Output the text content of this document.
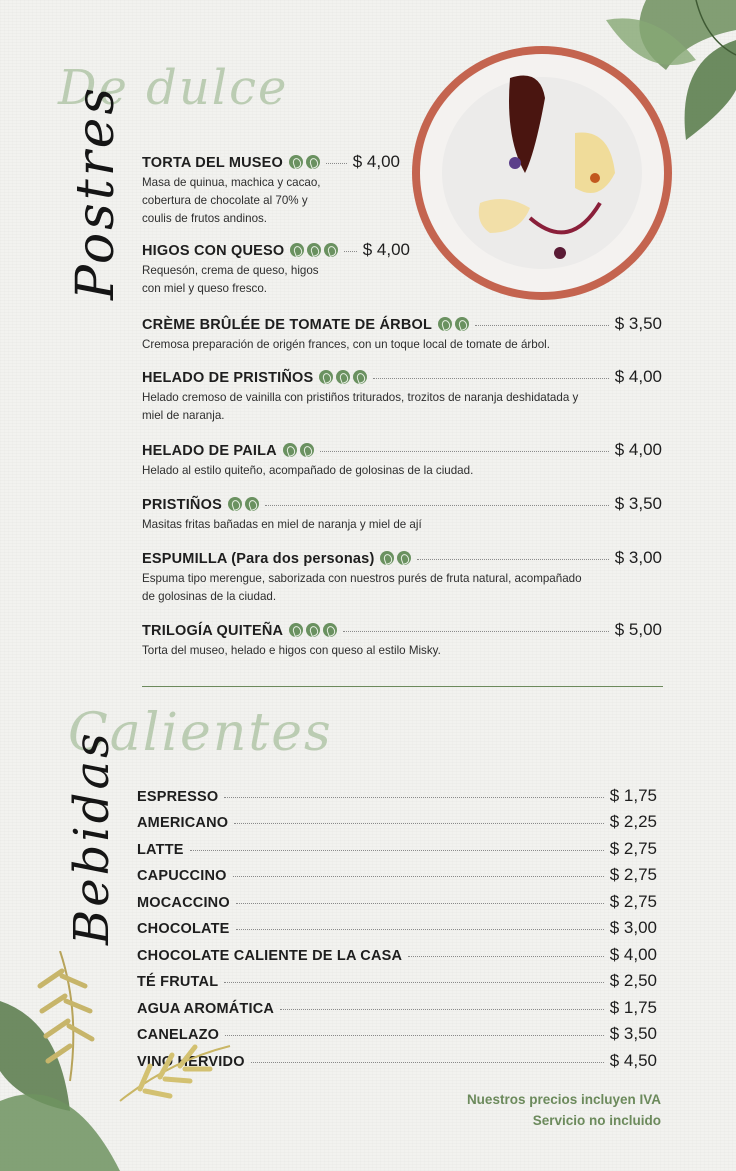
De dulce
Postres TORTA DEL MUSEO	$ 4,00
Masa de quinua, machica y cacao, cobertura de chocolate al 70% y coulis de frutos andinos.
HIGOS CON QUESO	$ 4,00
Requesón, crema de queso, higos con miel y queso fresco.
CRÈME BRÛLÉE DE TOMATE DE ÁRBOL	$ 3,50
Cremosa preparación de origén frances, con un toque local de tomate de árbol.
HELADO DE PRISTIÑOS	$ 4,00
Helado cremoso de vainilla con pristiños triturados, trozitos de naranja deshidatada y miel de naranja.
HELADO DE PAILA	$ 4,00
Helado al estilo quiteño, acompañado de golosinas de la ciudad.
PRISTIÑOS	$ 3,50
Masitas fritas bañadas en miel de naranja y miel de ají
ESPUMILLA (Para dos personas)	$ 3,00
Espuma tipo merengue, saborizada con nuestros purés de fruta natural, acompañado de golosinas de la ciudad.
TRILOGÍA QUITEÑA	$ 5,00
Torta del museo, helado e higos con queso al estilo Misky.
Calientes
Bebidas ESPRESSO	$ 1,75
AMERICANO	$ 2,25
LATTE	$ 2,75
CAPUCCINO	$ 2,75
MOCACCINO	$ 2,75
CHOCOLATE	$ 3,00
CHOCOLATE CALIENTE DE LA CASA	$ 4,00
TÉ FRUTAL	$ 2,50
AGUA AROMÁTICA	$ 1,75
CANELAZO	$ 3,50
VINO HERVIDO	$ 4,50
Nuestros precios incluyen IVA
Servicio no incluido
